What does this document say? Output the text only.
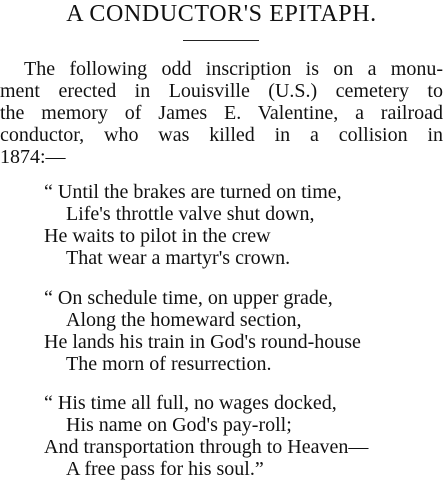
A CONDUCTOR'S EPITAPH.
The following odd inscription is on a monu-
ment erected in Louisville (U.S.) cemetery to
the memory of James E. Valentine, a railroad
conductor, who was killed in a collision in
1874:—
“ Until the brakes are turned on time,
Life's throttle valve shut down,
He waits to pilot in the crew
That wear a martyr's crown.
“ On schedule time, on upper grade,
Along the homeward section,
He lands his train in God's round-house
The morn of resurrection.
“ His time all full, no wages docked,
His name on God's pay-roll;
And transportation through to Heaven—
A free pass for his soul.”
